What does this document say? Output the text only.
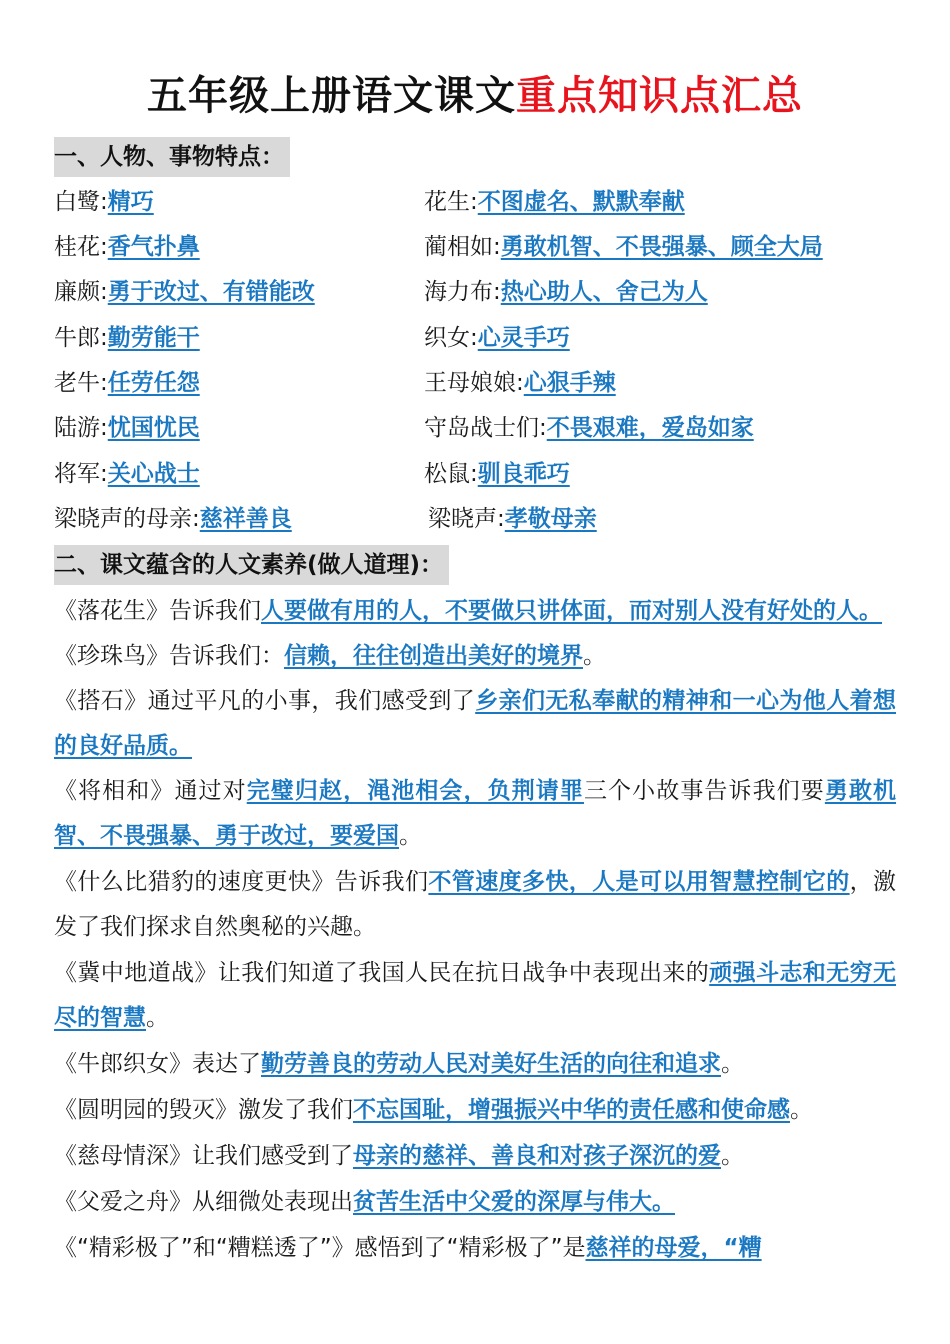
五年级上册语文课文重点知识点汇总
一、人物、事物特点：
白鹭:精巧	花生:不图虚名、默默奉献
桂花:香气扑鼻	蔺相如:勇敢机智、不畏强暴、顾全大局
廉颇:勇于改过、有错能改	海力布:热心助人、舍己为人
牛郎:勤劳能干	织女:心灵手巧
老牛:任劳任怨	王母娘娘:心狠手辣
陆游:忧国忧民	守岛战士们:不畏艰难，爱岛如家
将军:关心战士	松鼠:驯良乖巧
梁晓声的母亲:慈祥善良	梁晓声:孝敬母亲
二、课文蕴含的人文素养(做人道理)：
《落花生》告诉我们人要做有用的人，不要做只讲体面，而对别人没有好处的人。
《珍珠鸟》告诉我们：信赖，往往创造出美好的境界。
《搭石》通过平凡的小事，我们感受到了乡亲们无私奉献的精神和一心为他人着想的良好品质。
《将相和》通过对完璧归赵，渑池相会，负荆请罪三个小故事告诉我们要勇敢机智、不畏强暴、勇于改过，要爱国。
《什么比猎豹的速度更快》告诉我们不管速度多快，人是可以用智慧控制它的，激发了我们探求自然奥秘的兴趣。
《冀中地道战》让我们知道了我国人民在抗日战争中表现出来的顽强斗志和无穷无尽的智慧。
《牛郎织女》表达了勤劳善良的劳动人民对美好生活的向往和追求。
《圆明园的毁灭》激发了我们不忘国耻，增强振兴中华的责任感和使命感。
《慈母情深》让我们感受到了母亲的慈祥、善良和对孩子深沉的爱。
《父爱之舟》从细微处表现出贫苦生活中父爱的深厚与伟大。
《“精彩极了”和“糟糕透了”》感悟到了“精彩极了”是慈祥的母爱，“糟
